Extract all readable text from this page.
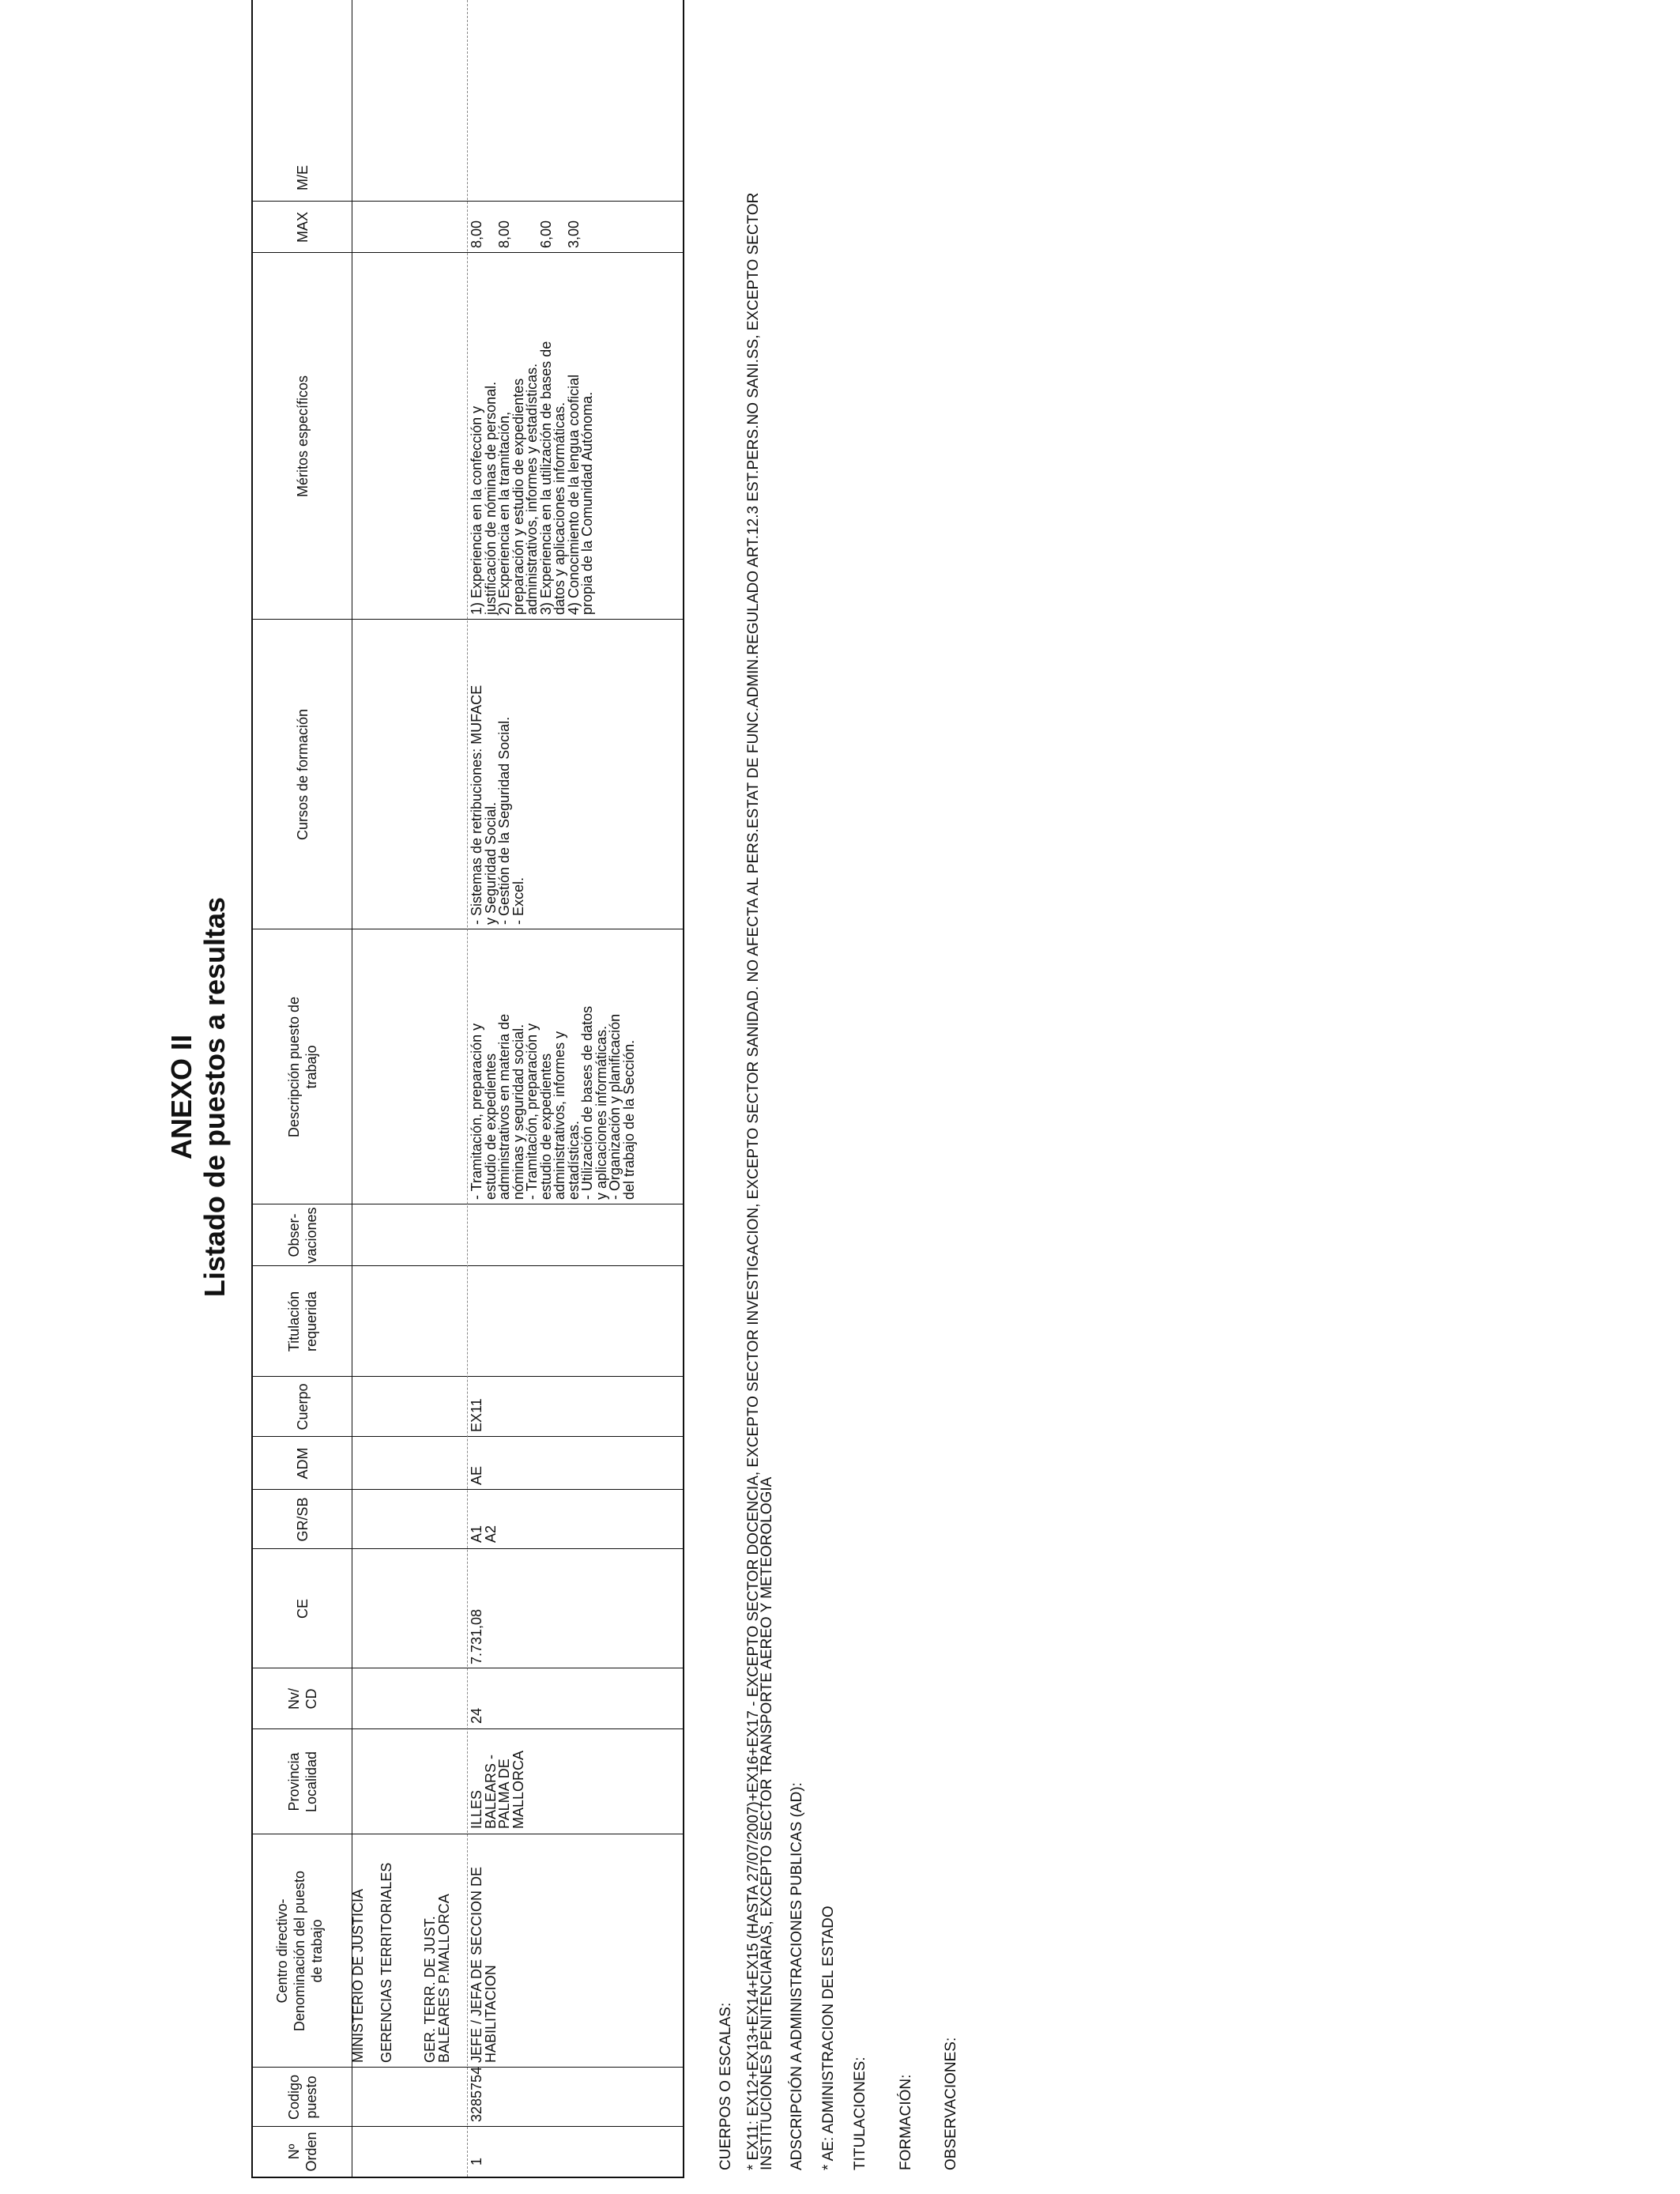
ANEXO II Listado de puestos a resultas
Nº Orden
Codigo puesto
Centro directivo- Denominación del puesto de trabajo
Provincia Localidad
Nv/ CD
CE
GR/SB
ADM
Cuerpo
Titulación requerida
Obser- vaciones
Descripción puesto de trabajo
Cursos de formación
Méritos específicos
MAX
M/E
MINISTERIO DE JUSTICIA GERENCIAS TERRITORIALES GER. TERR. DE JUST.
BALEARES P.MALLORCA
1
3285754
JEFE / JEFA DE SECCION DE
HABILITACION
ILLES
BALEARS -
PALMA DE
MALLORCA
24
7.731,08
A1
A2
AE
EX11
- Tramitación, preparación y
estudio de expedientes
administrativos en materia de
nóminas y seguridad social.
- Tramitación, preparación y
estudio de expedientes
administrativos, informes y
estadísticas.
- Utilización de bases de datos
y aplicaciones informáticas.
- Organización y planificación
del trabajo de la Sección.
- Sistemas de retribuciones: MUFACE
y Seguridad Social.
- Gestión de la Seguridad Social.
- Excel.
1) Experiencia en la confección y
justificación de nóminas de personal.
2) Experiencia en la tramitación,
preparación y estudio de expedientes
administrativos, informes y estadísticas.
3) Experiencia en la utilización de bases de
datos y aplicaciones informáticas.
4) Conocimiento de la lengua cooficial
propia de la Comunidad Autónoma.
8,00

8,00

6,00

3,00
CUERPOS O ESCALAS: * EX11: EX12+EX13+EX14+EX15 (HASTA 27/07/2007)+EX16+EX17 - EXCEPTO SECTOR DOCENCIA, EXCEPTO SECTOR INVESTIGACION, EXCEPTO SECTOR SANIDAD. NO AFECTA AL PERS.ESTAT DE FUNC.ADMIN.REGULADO ART.12.3 EST.PERS.NO SANI.SS, EXCEPTO SECTOR
INSTITUCIONES PENITENCIARIAS, EXCEPTO SECTOR TRANSPORTE AEREO Y METEOROLOGIA ADSCRIPCIÓN A ADMINISTRACIONES PUBLICAS (AD): * AE: ADMINISTRACION DEL ESTADO TITULACIONES: FORMACIÓN: OBSERVACIONES:
